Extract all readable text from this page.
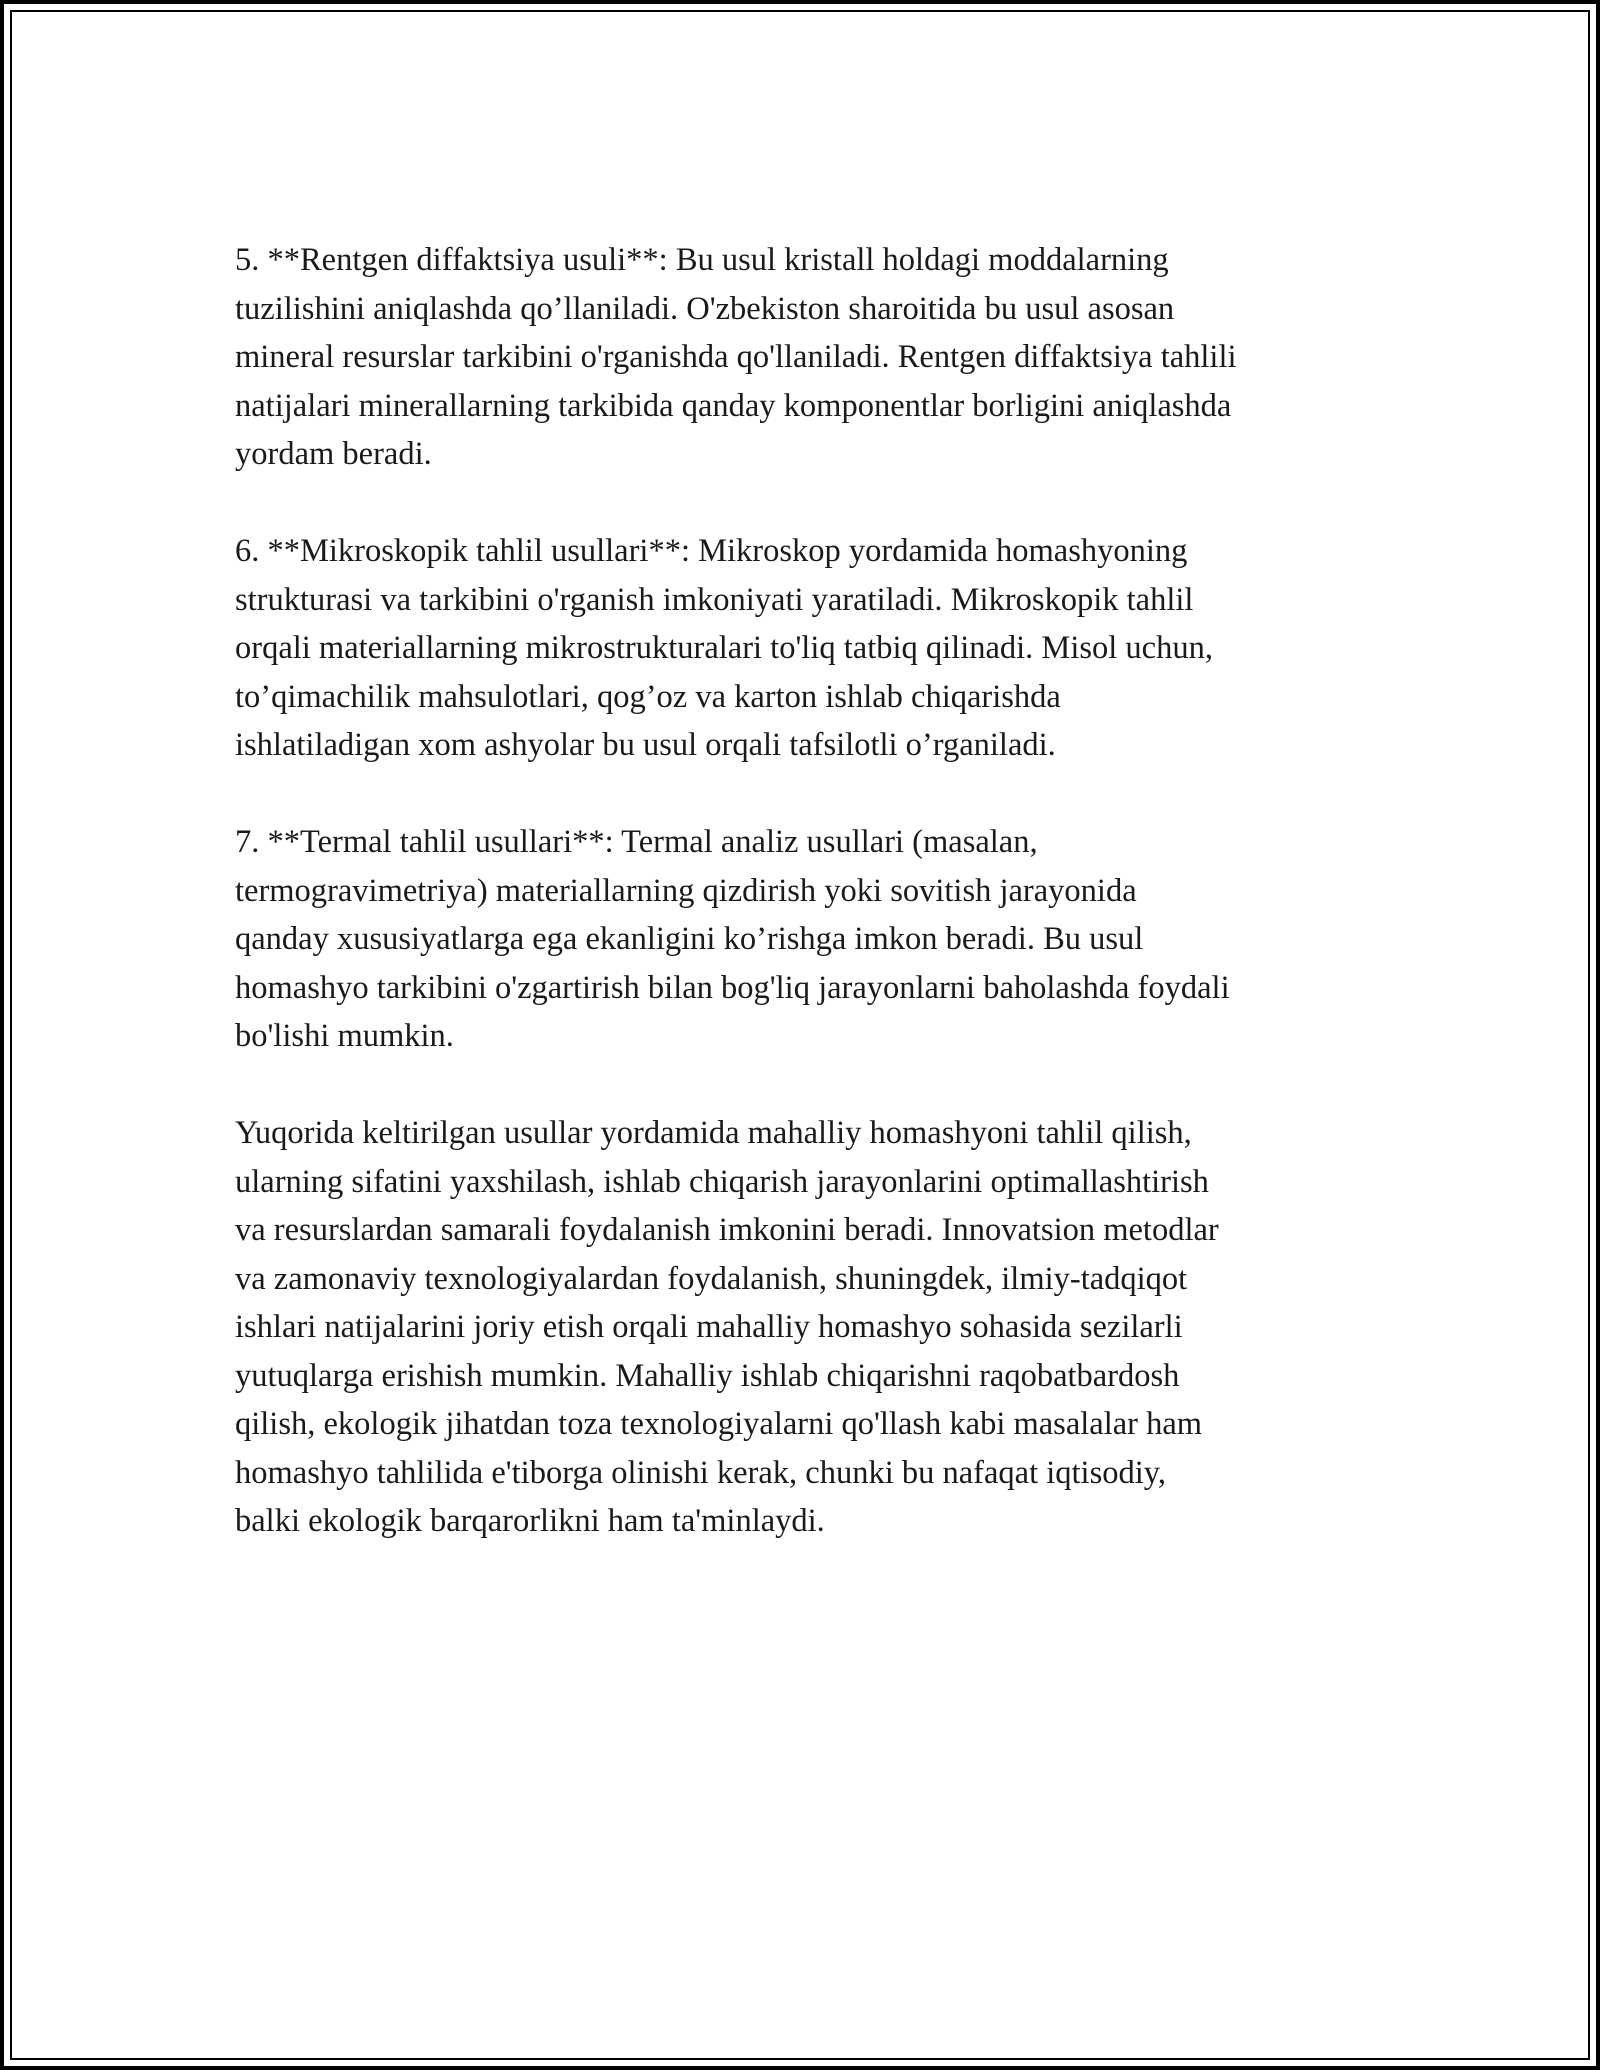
5. **Rentgen diffaktsiya usuli**: Bu usul kristall holdagi moddalarning
tuzilishini aniqlashda qo’llaniladi. O'zbekiston sharoitida bu usul asosan
mineral resurslar tarkibini o'rganishda qo'llaniladi. Rentgen diffaktsiya tahlili
natijalari minerallarning tarkibida qanday komponentlar borligini aniqlashda
yordam beradi.

6. **Mikroskopik tahlil usullari**: Mikroskop yordamida homashyoning
strukturasi va tarkibini o'rganish imkoniyati yaratiladi. Mikroskopik tahlil
orqali materiallarning mikrostrukturalari to'liq tatbiq qilinadi. Misol uchun,
to’qimachilik mahsulotlari, qog’oz va karton ishlab chiqarishda
ishlatiladigan xom ashyolar bu usul orqali tafsilotli o’rganiladi.

7. **Termal tahlil usullari**: Termal analiz usullari (masalan,
termogravimetriya) materiallarning qizdirish yoki sovitish jarayonida
qanday xususiyatlarga ega ekanligini ko’rishga imkon beradi. Bu usul
homashyo tarkibini o'zgartirish bilan bog'liq jarayonlarni baholashda foydali
bo'lishi mumkin.

Yuqorida keltirilgan usullar yordamida mahalliy homashyoni tahlil qilish,
ularning sifatini yaxshilash, ishlab chiqarish jarayonlarini optimallashtirish
va resurslardan samarali foydalanish imkonini beradi. Innovatsion metodlar
va zamonaviy texnologiyalardan foydalanish, shuningdek, ilmiy-tadqiqot
ishlari natijalarini joriy etish orqali mahalliy homashyo sohasida sezilarli
yutuqlarga erishish mumkin. Mahalliy ishlab chiqarishni raqobatbardosh
qilish, ekologik jihatdan toza texnologiyalarni qo'llash kabi masalalar ham
homashyo tahlilida e'tiborga olinishi kerak, chunki bu nafaqat iqtisodiy,
balki ekologik barqarorlikni ham ta'minlaydi.
